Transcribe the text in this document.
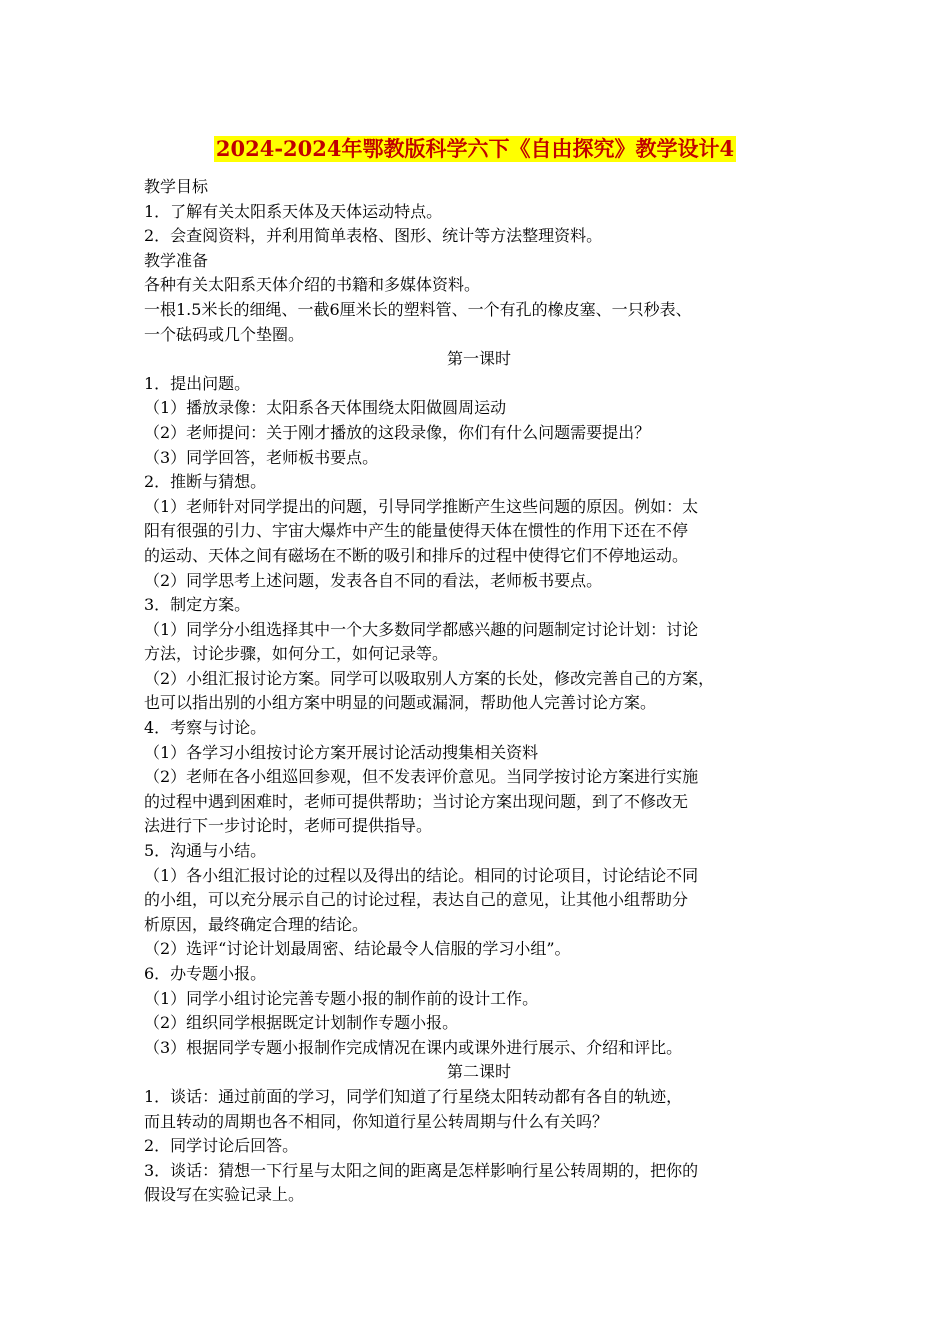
2024-2024年鄂教版科学六下《自由探究》教学设计4

教学目标

1．了解有关太阳系天体及天体运动特点。

2．会查阅资料，并利用简单表格、图形、统计等方法整理资料。

教学准备

各种有关太阳系天体介绍的书籍和多媒体资料。

一根1.5米长的细绳、一截6厘米长的塑料管、一个有孔的橡皮塞、一只秒表、

一个砝码或几个垫圈。

第一课时

1．提出问题。

（1）播放录像：太阳系各天体围绕太阳做圆周运动

（2）老师提问：关于刚才播放的这段录像，你们有什么问题需要提出？

（3）同学回答，老师板书要点。

2．推断与猜想。

（1）老师针对同学提出的问题，引导同学推断产生这些问题的原因。例如：太

阳有很强的引力、宇宙大爆炸中产生的能量使得天体在惯性的作用下还在不停

的运动、天体之间有磁场在不断的吸引和排斥的过程中使得它们不停地运动。

（2）同学思考上述问题，发表各自不同的看法，老师板书要点。

3．制定方案。

（1）同学分小组选择其中一个大多数同学都感兴趣的问题制定讨论计划：讨论

方法，讨论步骤，如何分工，如何记录等。

（2）小组汇报讨论方案。同学可以吸取别人方案的长处，修改完善自己的方案，

也可以指出别的小组方案中明显的问题或漏洞，帮助他人完善讨论方案。

4．考察与讨论。

（1）各学习小组按讨论方案开展讨论活动搜集相关资料

（2）老师在各小组巡回参观，但不发表评价意见。当同学按讨论方案进行实施

的过程中遇到困难时，老师可提供帮助；当讨论方案出现问题，到了不修改无

法进行下一步讨论时，老师可提供指导。

5．沟通与小结。

（1）各小组汇报讨论的过程以及得出的结论。相同的讨论项目，讨论结论不同

的小组，可以充分展示自己的讨论过程，表达自己的意见，让其他小组帮助分

析原因，最终确定合理的结论。

（2）选评“讨论计划最周密、结论最令人信服的学习小组”。

6．办专题小报。

（1）同学小组讨论完善专题小报的制作前的设计工作。

（2）组织同学根据既定计划制作专题小报。

（3）根据同学专题小报制作完成情况在课内或课外进行展示、介绍和评比。

第二课时

1．谈话：通过前面的学习，同学们知道了行星绕太阳转动都有各自的轨迹，

而且转动的周期也各不相同，你知道行星公转周期与什么有关吗？

2．同学讨论后回答。

3．谈话：猜想一下行星与太阳之间的距离是怎样影响行星公转周期的，把你的

假设写在实验记录上。
